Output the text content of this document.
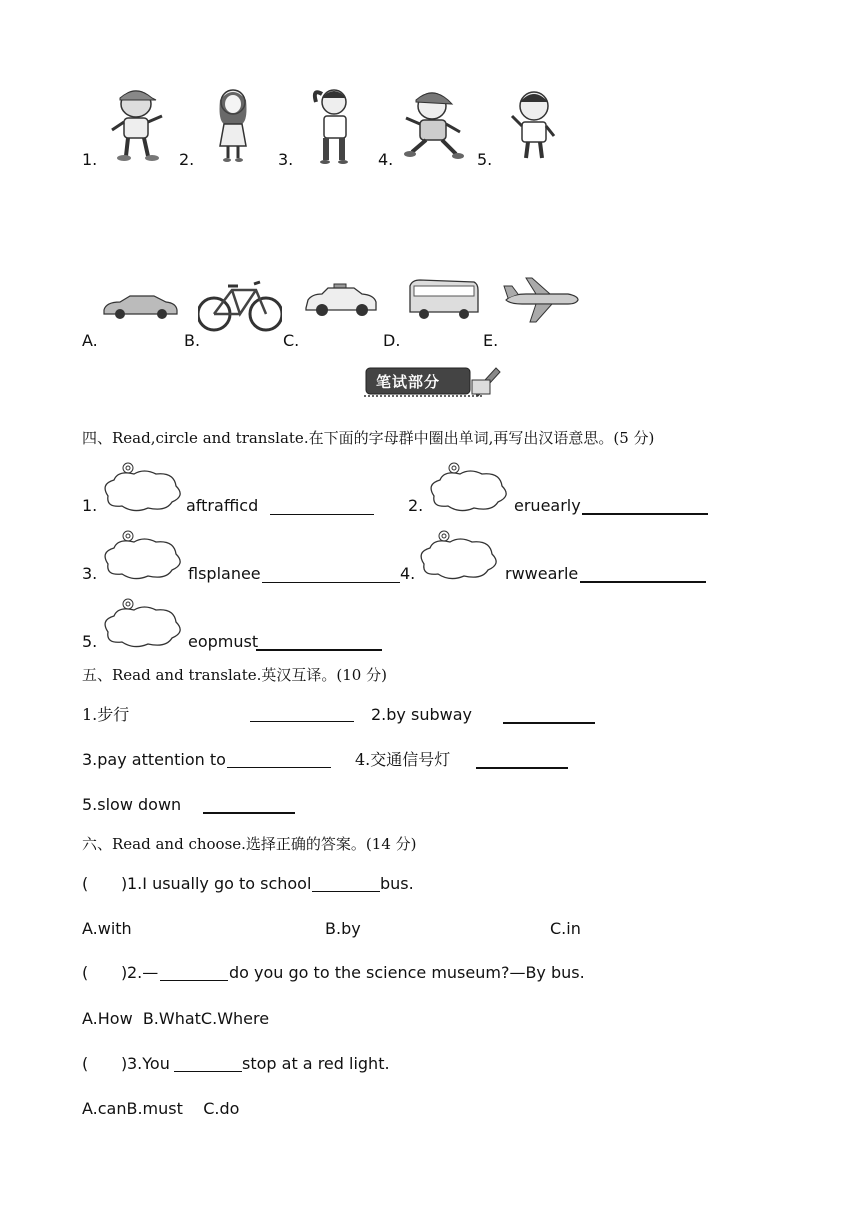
1.	2.	3.	4.	5.
A.	B.	C.	D.	E.
笔试部分
四、Read,circle and translate.在下面的字母群中圈出单词,再写出汉语意思。(5 分)
1.	aftrafficd	2.	eruearly
3.	flsplanee	4.	rwwearle
5.	eopmust
五、Read and translate.英汉互译。(10 分)
1.步行	2.by subway
3.pay attention to	4.交通信号灯
5.slow down
六、Read and choose.选择正确的答案。(14 分)
( ) 1.I usually go to school	bus.
A.with	B.by	C.in
( ) 2.—	do you go to the science museum?—By bus.
A.How  B.WhatC.Where
( ) 3.You	stop at a red light.
A.canB.must    C.do
